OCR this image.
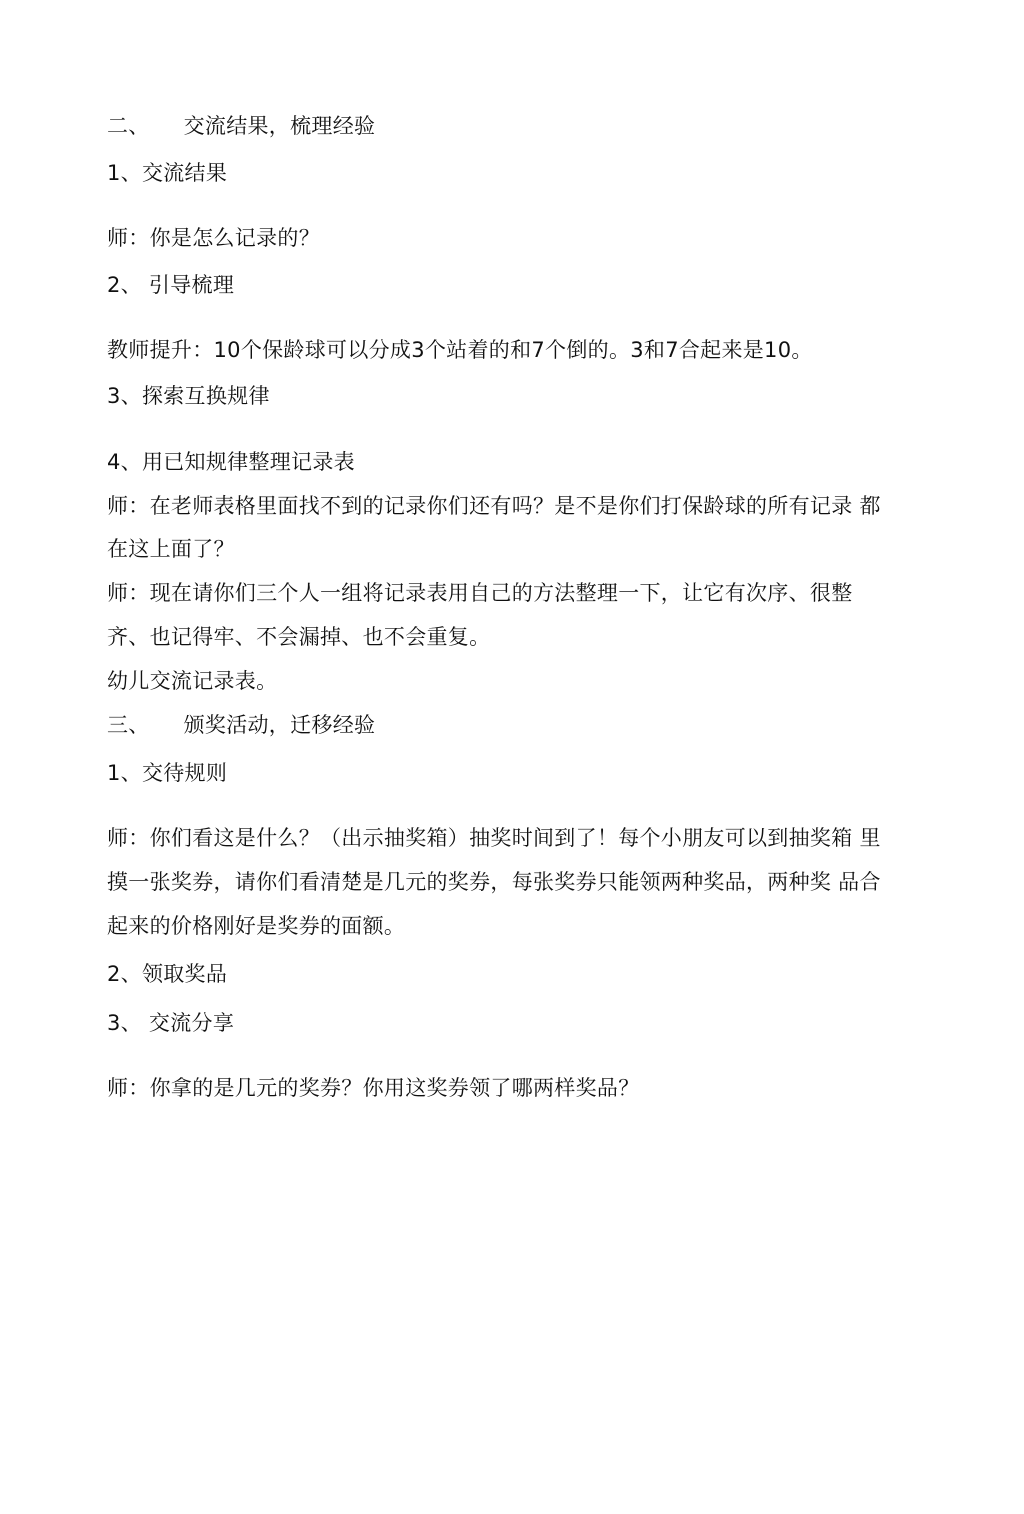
二、 交流结果，梳理经验
1、交流结果
师：你是怎么记录的？
2、 引导梳理
教师提升：10个保龄球可以分成3个站着的和7个倒的。3和7合起来是10。
3、探索互换规律
4、用已知规律整理记录表
师：在老师表格里面找不到的记录你们还有吗？是不是你们打保龄球的所有记录 都
在这上面了？
师：现在请你们三个人一组将记录表用自己的方法整理一下，让它有次序、很整
齐、也记得牢、不会漏掉、也不会重复。
幼儿交流记录表。
三、 颁奖活动，迁移经验
1、交待规则
师：你们看这是什么？（出示抽奖箱）抽奖时间到了！每个小朋友可以到抽奖箱 里
摸一张奖券，请你们看清楚是几元的奖券，每张奖券只能领两种奖品，两种奖 品合
起来的价格刚好是奖券的面额。
2、领取奖品
3、 交流分享
师：你拿的是几元的奖券？你用这奖券领了哪两样奖品？
